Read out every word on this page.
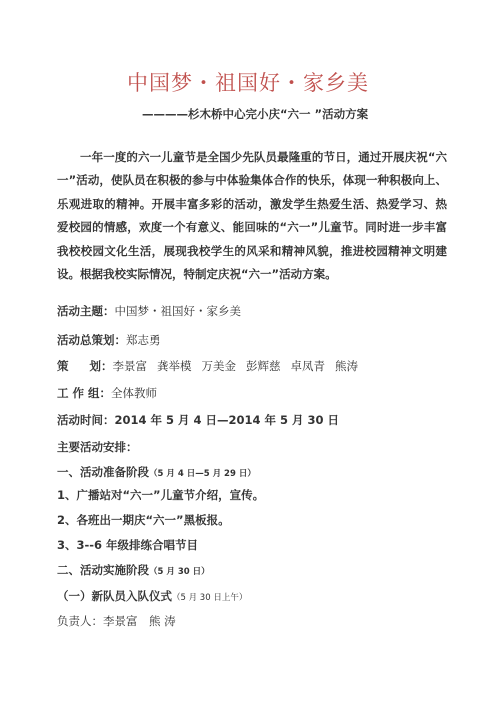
中国梦・祖国好・家乡美
————杉木桥中心完小庆“六一 ”活动方案
一年一度的六一儿童节是全国少先队员最隆重的节日，通过开展庆祝“六一”活动，使队员在积极的参与中体验集体合作的快乐，体现一种积极向上、乐观进取的精神。开展丰富多彩的活动，激发学生热爱生活、热爱学习、热爱校园的情感，欢度一个有意义、能回味的“六一”儿童节。同时进一步丰富我校校园文化生活，展现我校学生的风采和精神风貌，推进校园精神文明建设。根据我校实际情况，特制定庆祝“六一”活动方案。
活动主题：中国梦・祖国好・家乡美
活动总策划：郑志勇
策 划：李景富 龚举模 万美金 彭辉慈 卓凤青 熊涛
工 作 组：全体教师
活动时间：2014 年 5 月 4 日—2014 年 5 月 30 日
主要活动安排：
一、活动准备阶段（5 月 4 日—5 月 29 日）
1、广播站对“六一”儿童节介绍，宣传。
2、各班出一期庆“六一”黑板报。
3、3--6 年级排练合唱节目
二、活动实施阶段（5 月 30 日）
（一）新队员入队仪式（5 月 30 日上午）
负责人：李景富　熊 涛
